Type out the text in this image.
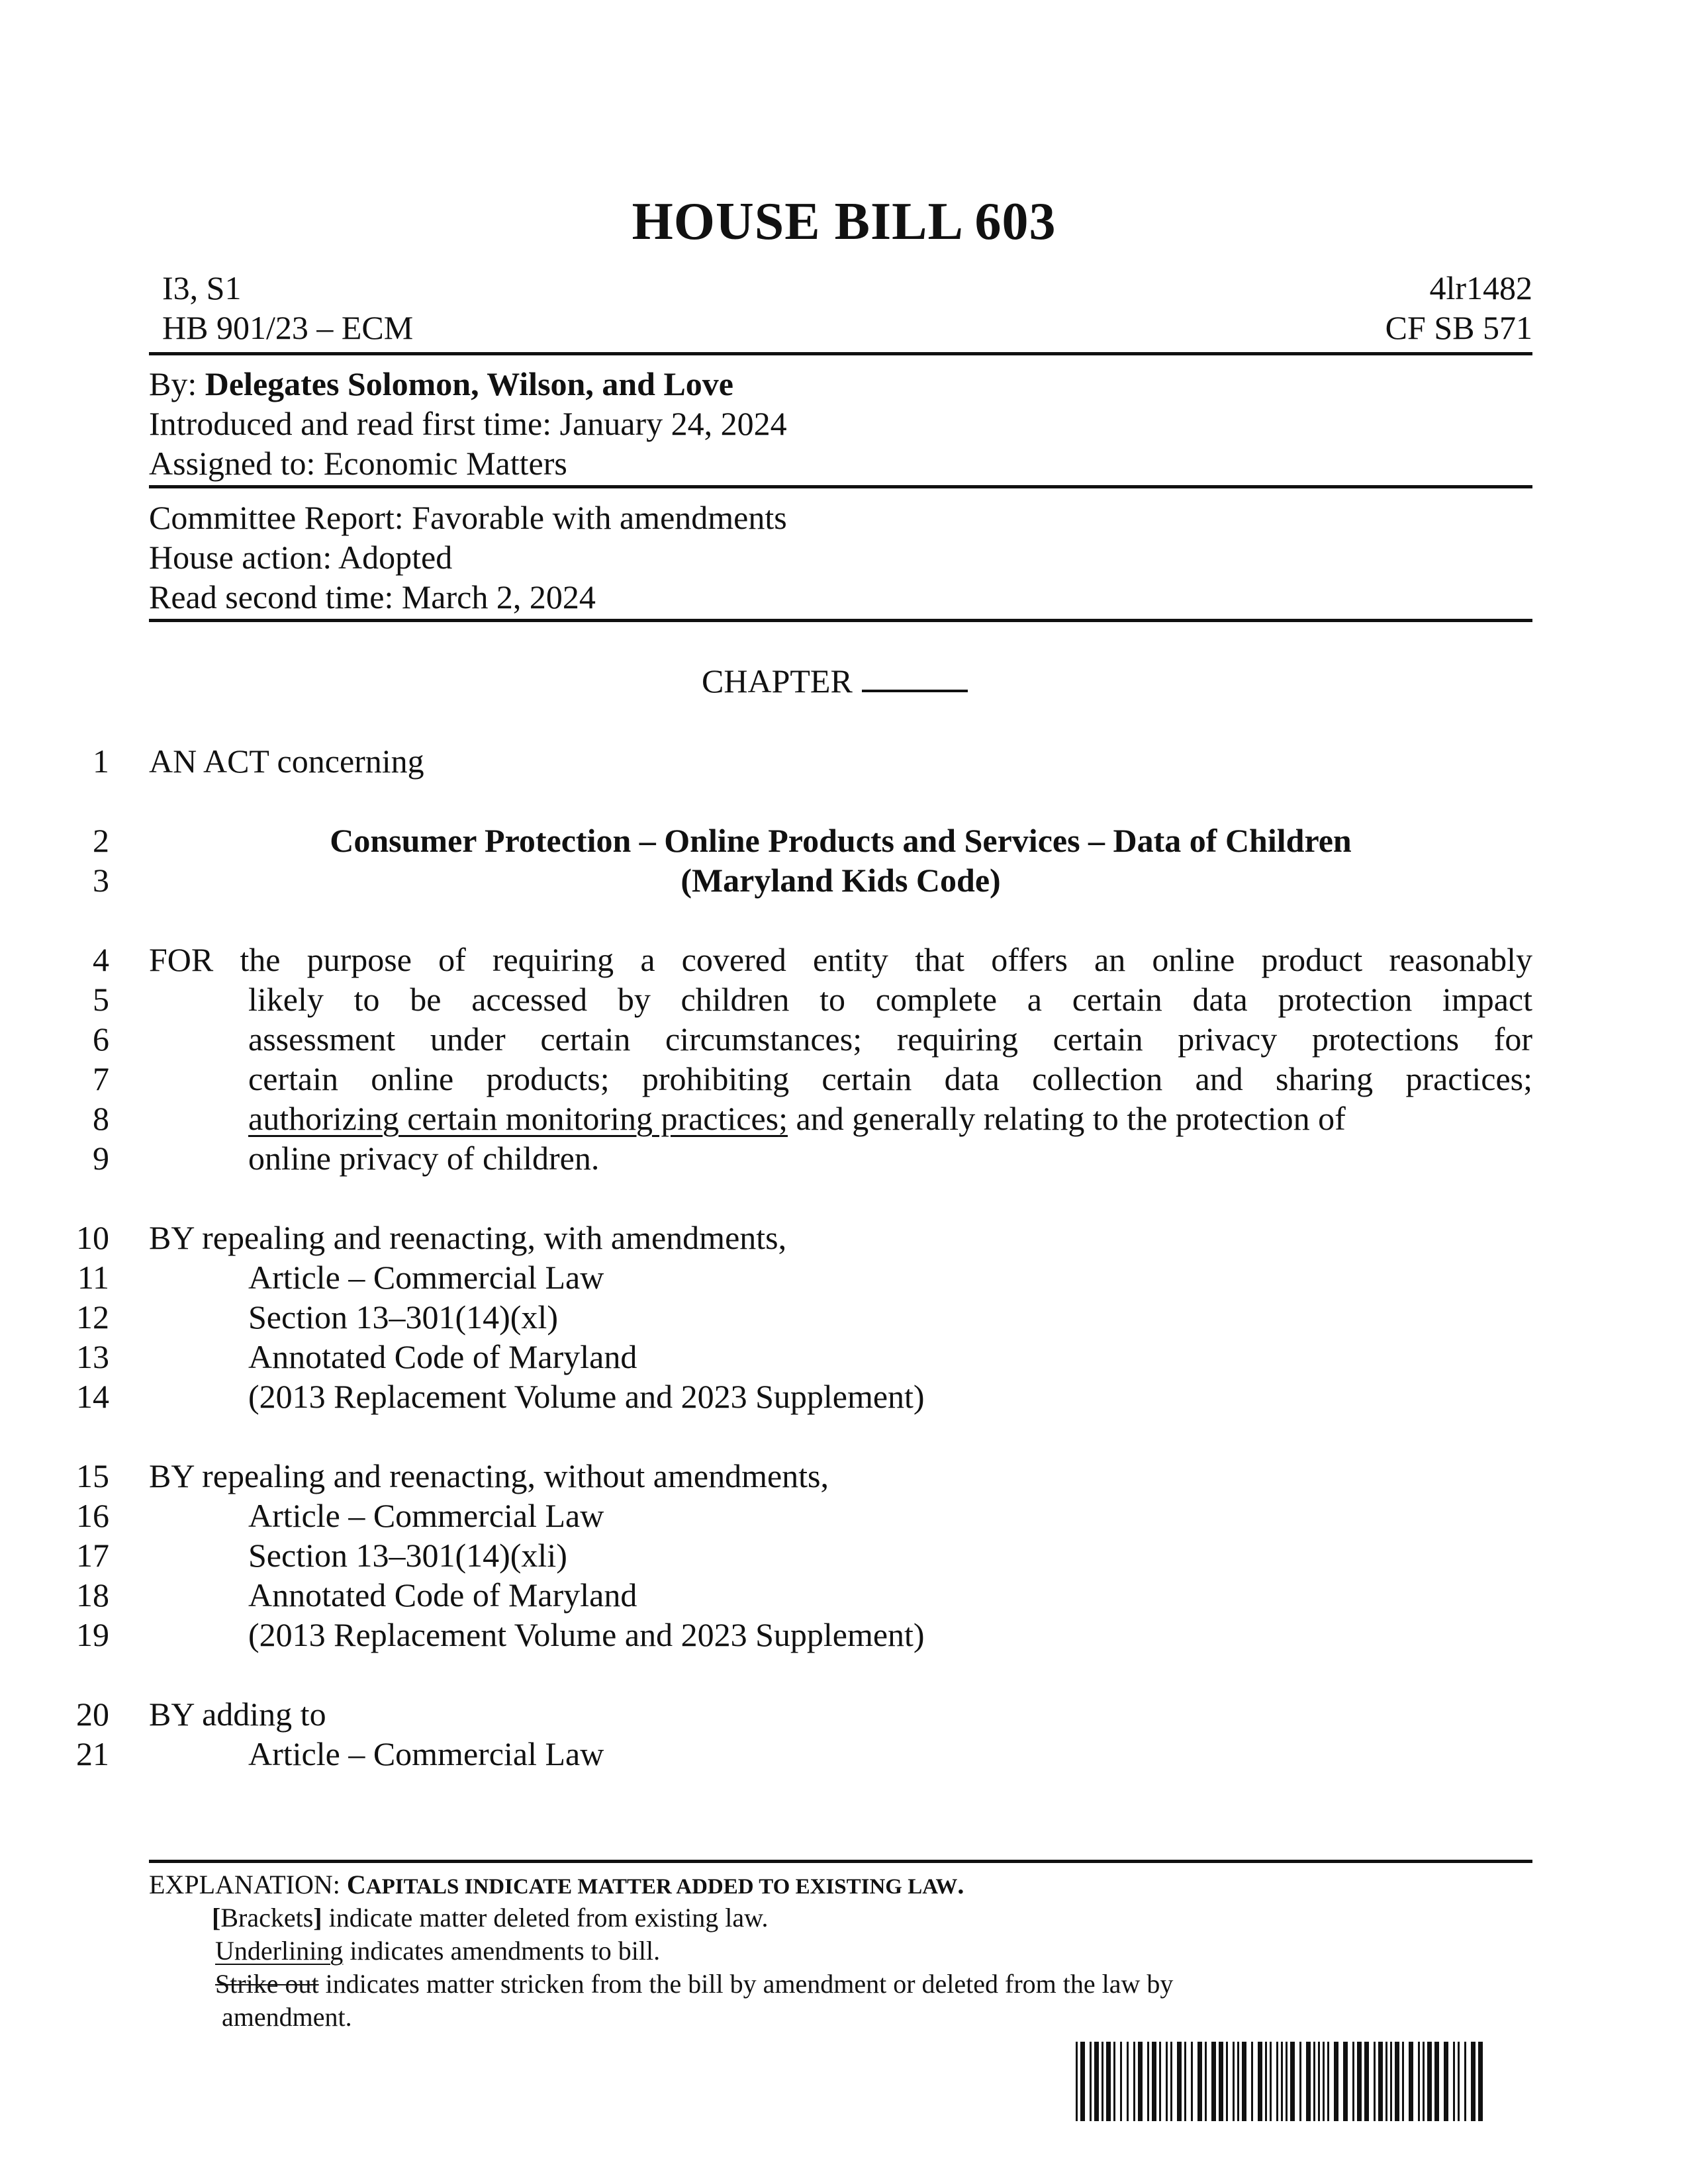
HOUSE BILL 603
I3, S1
HB 901/23 – ECM
4lr1482
CF SB 571
By: Delegates Solomon, Wilson, and Love
Introduced and read first time: January 24, 2024
Assigned to: Economic Matters
Committee Report: Favorable with amendments
House action: Adopted
Read second time: March 2, 2024
CHAPTER
1
2
3
4
5
6
7
8
9
10
11
12
13
14
15
16
17
18
19
20
21
AN ACT concerning
Consumer Protection – Online Products and Services – Data of Children
(Maryland Kids Code)
FOR the purpose of requiring a covered entity that offers an online product reasonably
likely to be accessed by children to complete a certain data protection impact
assessment under certain circumstances; requiring certain privacy protections for
certain online products; prohibiting certain data collection and sharing practices;
authorizing certain monitoring practices; and generally relating to the protection of
online privacy of children.
BY repealing and reenacting, with amendments,
Article – Commercial Law
Section 13–301(14)(xl)
Annotated Code of Maryland
(2013 Replacement Volume and 2023 Supplement)
BY repealing and reenacting, without amendments,
Article – Commercial Law
Section 13–301(14)(xli)
Annotated Code of Maryland
(2013 Replacement Volume and 2023 Supplement)
BY adding to
Article – Commercial Law
EXPLANATION: CAPITALS INDICATE MATTER ADDED TO EXISTING LAW.
[Brackets] indicate matter deleted from existing law.
Underlining indicates amendments to bill.
Strike out indicates matter stricken from the bill by amendment or deleted from the law by
amendment.
